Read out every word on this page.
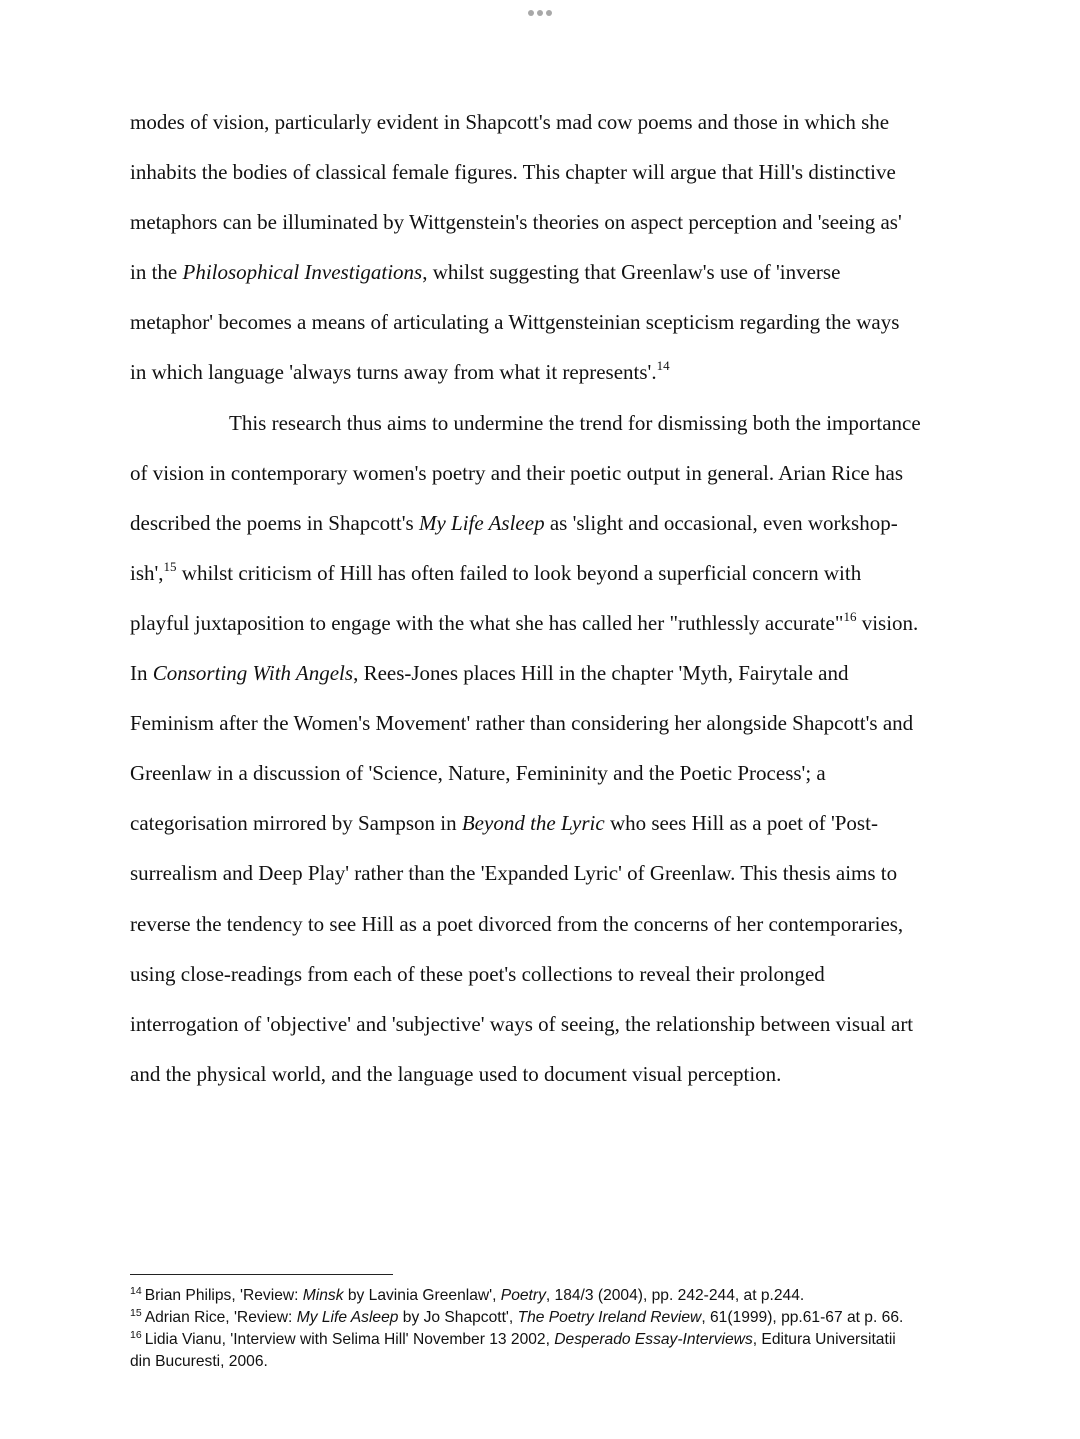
modes of vision, particularly evident in Shapcott's mad cow poems and those in which she
inhabits the bodies of classical female figures. This chapter will argue that Hill's distinctive
metaphors can be illuminated by Wittgenstein's theories on aspect perception and 'seeing as'
in the Philosophical Investigations, whilst suggesting that Greenlaw's use of 'inverse
metaphor' becomes a means of articulating a Wittgensteinian scepticism regarding the ways
in which language 'always turns away from what it represents'.$^{14}$
This research thus aims to undermine the trend for dismissing both the importance
of vision in contemporary women's poetry and their poetic output in general. Arian Rice has
described the poems in Shapcott's My Life Asleep as 'slight and occasional, even workshop-
ish',$^{15}$ whilst criticism of Hill has often failed to look beyond a superficial concern with
playful juxtaposition to engage with the what she has called her "ruthlessly accurate"$^{16}$ vision.
In Consorting With Angels, Rees-Jones places Hill in the chapter 'Myth, Fairytale and
Feminism after the Women's Movement' rather than considering her alongside Shapcott's and
Greenlaw in a discussion of 'Science, Nature, Femininity and the Poetic Process'; a
categorisation mirrored by Sampson in Beyond the Lyric who sees Hill as a poet of 'Post-
surrealism and Deep Play' rather than the 'Expanded Lyric' of Greenlaw. This thesis aims to
reverse the tendency to see Hill as a poet divorced from the concerns of her contemporaries,
using close-readings from each of these poet's collections to reveal their prolonged
interrogation of 'objective' and 'subjective' ways of seeing, the relationship between visual art
and the physical world, and the language used to document visual perception.
$^{14}$ Brian Philips, 'Review: Minsk by Lavinia Greenlaw', Poetry, 184/3 (2004), pp. 242-244, at p.244.
$^{15}$ Adrian Rice, 'Review: My Life Asleep by Jo Shapcott', The Poetry Ireland Review, 61(1999), pp.61-67 at p. 66.
$^{16}$ Lidia Vianu, 'Interview with Selima Hill' November 13 2002, Desperado Essay-Interviews, Editura Universitatii
din Bucuresti, 2006.
